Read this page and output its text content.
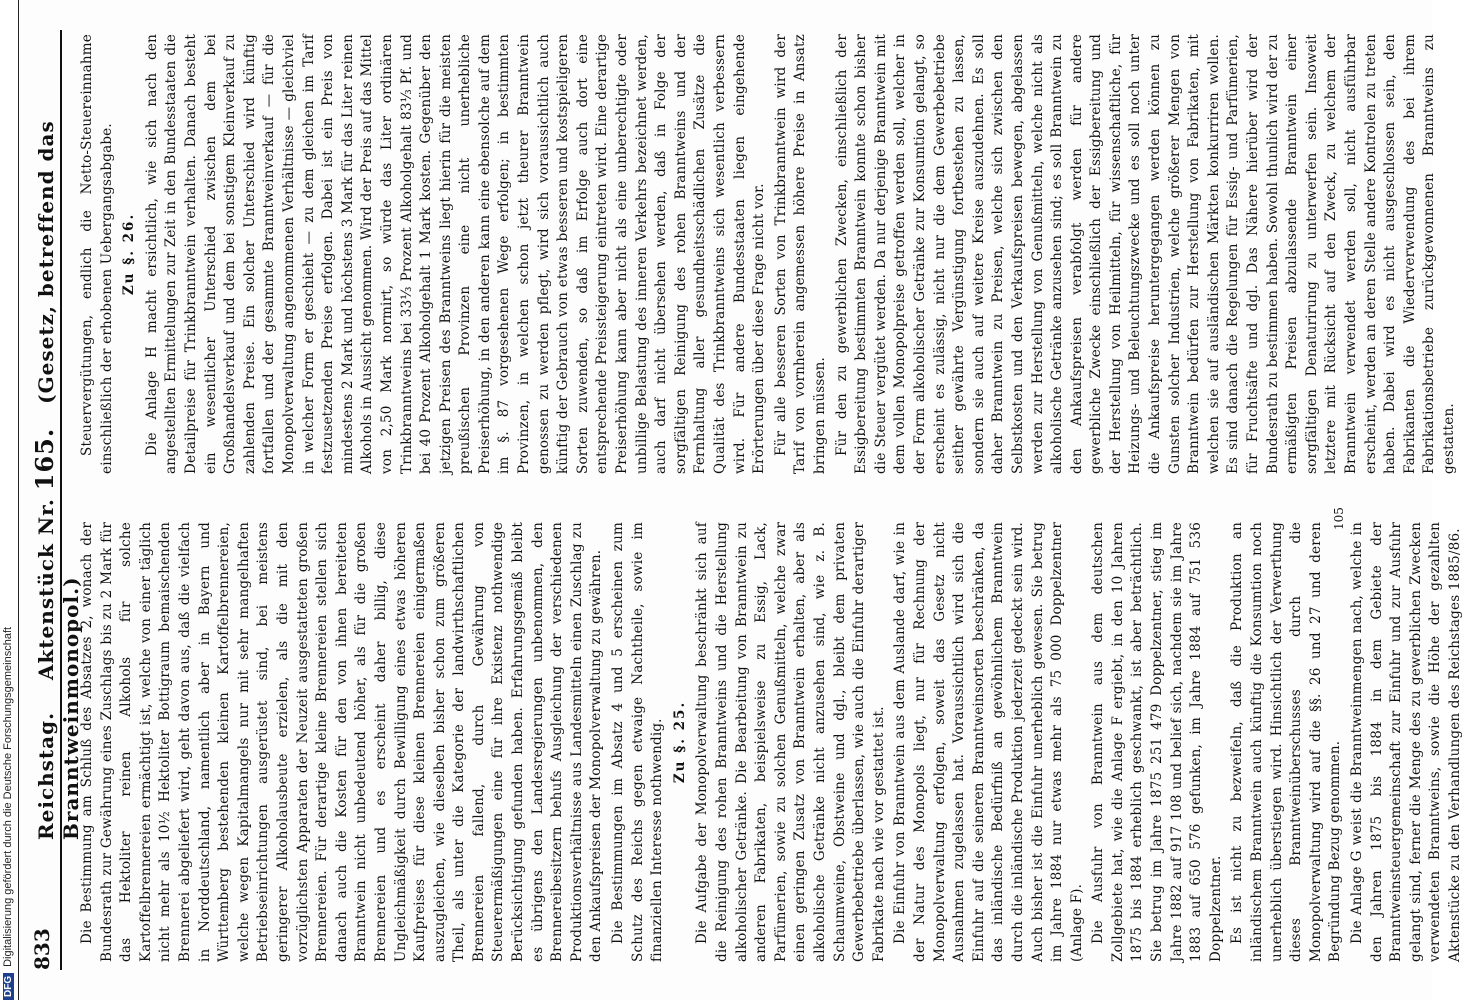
DFGDigitalisierung gefördert durch die Deutsche Forschungsgemeinschaft 833
Reichstag.    Aktenstück Nr. 165.   (Gesetz, betreffend das Branntweinmonopol.)

Steuervergütungen, endlich die Netto-Steuereinnahme einschließlich der erhobenen Uebergangsabgabe. Zu §. 26. Die Anlage H macht ersichtlich, wie sich nach den angestellten Ermittelungen zur Zeit in den Bundesstaaten die Detailpreise für Trinkbranntwein verhalten. Danach besteht ein wesentlicher Unterschied zwischen dem bei Großhandelsverkauf und dem bei sonstigem Kleinverkauf zu zahlenden Preise. Ein solcher Unterschied wird künftig fortfallen und der gesammte Branntweinverkauf — für die Monopolverwaltung angenommenen Verhältnisse — gleichviel in welcher Form er geschieht — zu dem gleichen im Tarif festzusetzenden Preise erfolgen. Dabei ist ein Preis von mindestens 2 Mark und höchstens 3 Mark für das Liter reinen Alkohols in Aussicht genommen. Wird der Preis auf das Mittel von 2,50 Mark normirt, so würde das Liter ordinären Trinkbranntweins bei 33⅓ Prozent Alkoholgehalt 83⅓ Pf. und bei 40 Prozent Alkoholgehalt 1 Mark kosten. Gegenüber den jetzigen Preisen des Branntweins liegt hierin für die meisten preußischen Provinzen eine nicht unerhebliche Preiserhöhung, in den anderen kann eine ebensolche auf dem im §. 87 vorgesehenen Wege erfolgen; in bestimmten Provinzen, in welchen schon jetzt theurer Branntwein genossen zu werden pflegt, wird sich voraussichtlich auch künftig der Gebrauch von etwas besseren und kostspieligeren Sorten zuwenden, so daß im Erfolge auch dort eine entsprechende Preissteigerung eintreten wird. Eine derartige Preiserhöhung kann aber nicht als eine unberechtigte oder unbillige Belastung des inneren Verkehrs bezeichnet werden, auch darf nicht übersehen werden, daß in Folge der sorgfältigen Reinigung des rohen Branntweins und der Fernhaltung aller gesundheitsschädlichen Zusätze die Qualität des Trinkbranntweins sich wesentlich verbessern wird. Für andere Bundesstaaten liegen eingehende Erörterungen über diese Frage nicht vor. Für alle besseren Sorten von Trinkbranntwein wird der Tarif von vornherein angemessen höhere Preise in Ansatz bringen müssen. Für den zu gewerblichen Zwecken, einschließlich der Essigbereitung bestimmten Branntwein konnte schon bisher die Steuer vergütet werden. Da nur derjenige Branntwein mit dem vollen Monopolpreise getroffen werden soll, welcher in der Form alkoholischer Getränke zur Konsumtion gelangt, so erscheint es zulässig, nicht nur die dem Gewerbebetriebe seither gewährte Vergünstigung fortbestehen zu lassen, sondern sie auch auf weitere Kreise auszudehnen. Es soll daher Branntwein zu Preisen, welche sich zwischen den Selbstkosten und den Verkaufspreisen bewegen, abgelassen werden zur Herstellung von Genußmitteln, welche nicht als alkoholische Getränke anzusehen sind; es soll Branntwein zu den Ankaufspreisen verabfolgt werden für andere gewerbliche Zwecke einschließlich der Essigbereitung und der Herstellung von Heilmitteln, für wissenschaftliche, für Heizungs- und Beleuchtungszwecke und es soll noch unter die Ankaufspreise heruntergegangen werden können zu Gunsten solcher Industrien, welche größerer Mengen von Branntwein bedürfen zur Herstellung von Fabrikaten, mit welchen sie auf ausländischen Märkten konkurriren wollen. Es sind danach die Regelungen für Essig- und Parfümerien, für Fruchtsäfte und dgl. Das Nähere hierüber wird der Bundesrath zu bestimmen haben. Sowohl thunlich wird der zu ermäßigten Preisen abzulassende Branntwein einer sorgfältigen Denaturirung zu unterwerfen sein. Insoweit letztere mit Rücksicht auf den Zweck, zu welchem der Branntwein verwendet werden soll, nicht ausführbar erscheint, werden an deren Stelle andere Kontrolen zu treten haben. Dabei wird es nicht ausgeschlossen sein, den Fabrikanten die Wiederverwendung des bei ihrem Fabrikationsbetriebe zurückgewonnenen Branntweins zu gestatten.

Die Bestimmung am Schluß des Absatzes 2, wonach der Bundesrath zur Gewährung eines Zuschlags bis zu 2 Mark für das Hektoliter reinen Alkohols für solche Kartoffelbrennereien ermächtigt ist, welche von einer täglich nicht mehr als 10½ Hektoliter Bottigraum bemaischenden Brennerei abgeliefert wird, geht davon aus, daß die vielfach in Norddeutschland, namentlich aber in Bayern und Württemberg bestehenden kleinen Kartoffelbrennereien, welche wegen Kapitalmangels nur mit sehr mangelhaften Betriebseinrichtungen ausgerüstet sind, bei meistens geringerer Alkoholausbeute erzielen, als die mit den vorzüglichsten Apparaten der Neuzeit ausgestatteten großen Brennereien. Für derartige kleine Brennereien stellen sich danach auch die Kosten für den von ihnen bereiteten Branntwein nicht unbedeutend höher, als für die großen Brennereien und es erscheint daher billig, diese Ungleichmäßigkeit durch Bewilligung eines etwas höheren Kaufpreises für diese kleinen Brennereien einigermaßen auszugleichen, wie dieselben bisher schon zum größeren Theil, als unter die Kategorie der landwirthschaftlichen Brennereien fallend, durch Gewährung von Steuerermäßigungen eine für ihre Existenz nothwendige Berücksichtigung gefunden haben. Erfahrungsgemäß bleibt es übrigens den Landesregierungen unbenommen, den Brennereibesitzern behufs Ausgleichung der verschiedenen Produktionsverhältnisse aus Landesmitteln einen Zuschlag zu den Ankaufspreisen der Monopolverwaltung zu gewähren. Die Bestimmungen im Absatz 4 und 5 erscheinen zum Schutz des Reichs gegen etwaige Nachtheile, sowie im finanziellen Interesse nothwendig. Zu §. 25. Die Aufgabe der Monopolverwaltung beschränkt sich auf die Reinigung des rohen Branntweins und die Herstellung alkoholischer Getränke. Die Bearbeitung von Branntwein zu anderen Fabrikaten, beispielsweise zu Essig, Lack, Parfümerien, sowie zu solchen Genußmitteln, welche zwar einen geringen Zusatz von Branntwein erhalten, aber als alkoholische Getränke nicht anzusehen sind, wie z. B. Schaumweine, Obstweine und dgl., bleibt dem privaten Gewerbebetriebe überlassen, wie auch die Einfuhr derartiger Fabrikate nach wie vor gestattet ist. Die Einfuhr von Branntwein aus dem Auslande darf, wie in der Natur des Monopols liegt, nur für Rechnung der Monopolverwaltung erfolgen, soweit das Gesetz nicht Ausnahmen zugelassen hat. Voraussichtlich wird sich die Einfuhr auf die seineren Branntweinsorten beschränken, da das inländische Bedürfniß an gewöhnlichem Branntwein durch die inländische Produktion jederzeit gedeckt sein wird. Auch bisher ist die Einfuhr unerheblich gewesen. Sie betrug im Jahre 1884 nur etwas mehr als 75 000 Doppelzentner (Anlage F). Die Ausfuhr von Branntwein aus dem deutschen Zollgebiete hat, wie die Anlage F ergiebt, in den 10 Jahren 1875 bis 1884 erheblich geschwankt, ist aber beträchtlich. Sie betrug im Jahre 1875 251 479 Doppelzentner, stieg im Jahre 1882 auf 917 108 und belief sich, nachdem sie im Jahre 1883 auf 650 576 gefunken, im Jahre 1884 auf 751 536 Doppelzentner. Es ist nicht zu bezweifeln, daß die Produktion an inländischem Branntwein auch künftig die Konsumtion noch unerheblich überstiegen wird. Hinsichtlich der Verwerthung dieses Branntweinüberschusses durch die Monopolverwaltung wird auf die §§. 26 und 27 und deren Begründung Bezug genommen. Die Anlage G weist die Branntweinmengen nach, welche in den Jahren 1875 bis 1884 in dem Gebiete der Branntweinsteuergemeinschaft zur Einfuhr und zur Ausfuhr gelangt sind, ferner die Menge des zu gewerblichen Zwecken verwendeten Branntweins, sowie die Höhe der gezahlten Aktenstücke zu den Verhandlungen des Reichstages 1885/86.

105
